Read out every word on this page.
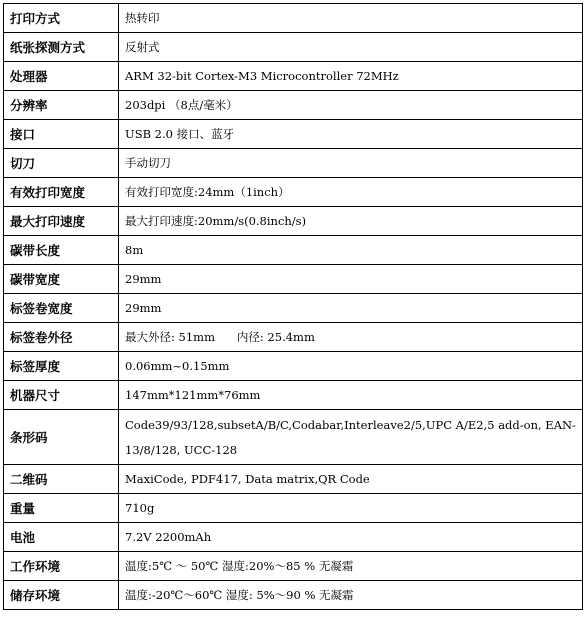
打印方式	热转印
纸张探测方式	反射式
处理器	ARM 32-bit Cortex-M3 Microcontroller 72MHz
分辨率	203dpi （8点/毫米）
接口	USB 2.0 接口、蓝牙
切刀	手动切刀
有效打印宽度	有效打印宽度:24mm（1inch）
最大打印速度	最大打印速度:20mm/s(0.8inch/s)
碳带长度	8m
碳带宽度	29mm
标签卷宽度	29mm
标签卷外径	最大外径: 51mm      内径: 25.4mm
标签厚度	0.06mm~0.15mm
机器尺寸	147mm*121mm*76mm
条形码	Code39/93/128,subsetA/B/C,Codabar,Interleave2/5,UPC A/E2,5 add-on, EAN-13/8/128, UCC-128
二维码	MaxiCode, PDF417, Data matrix,QR Code
重量	710g
电池	7.2V 2200mAh
工作环境	温度:5℃ ～ 50℃ 湿度:20%～85 % 无凝霜
储存环境	温度:-20℃～60℃ 湿度: 5%～90 % 无凝霜
